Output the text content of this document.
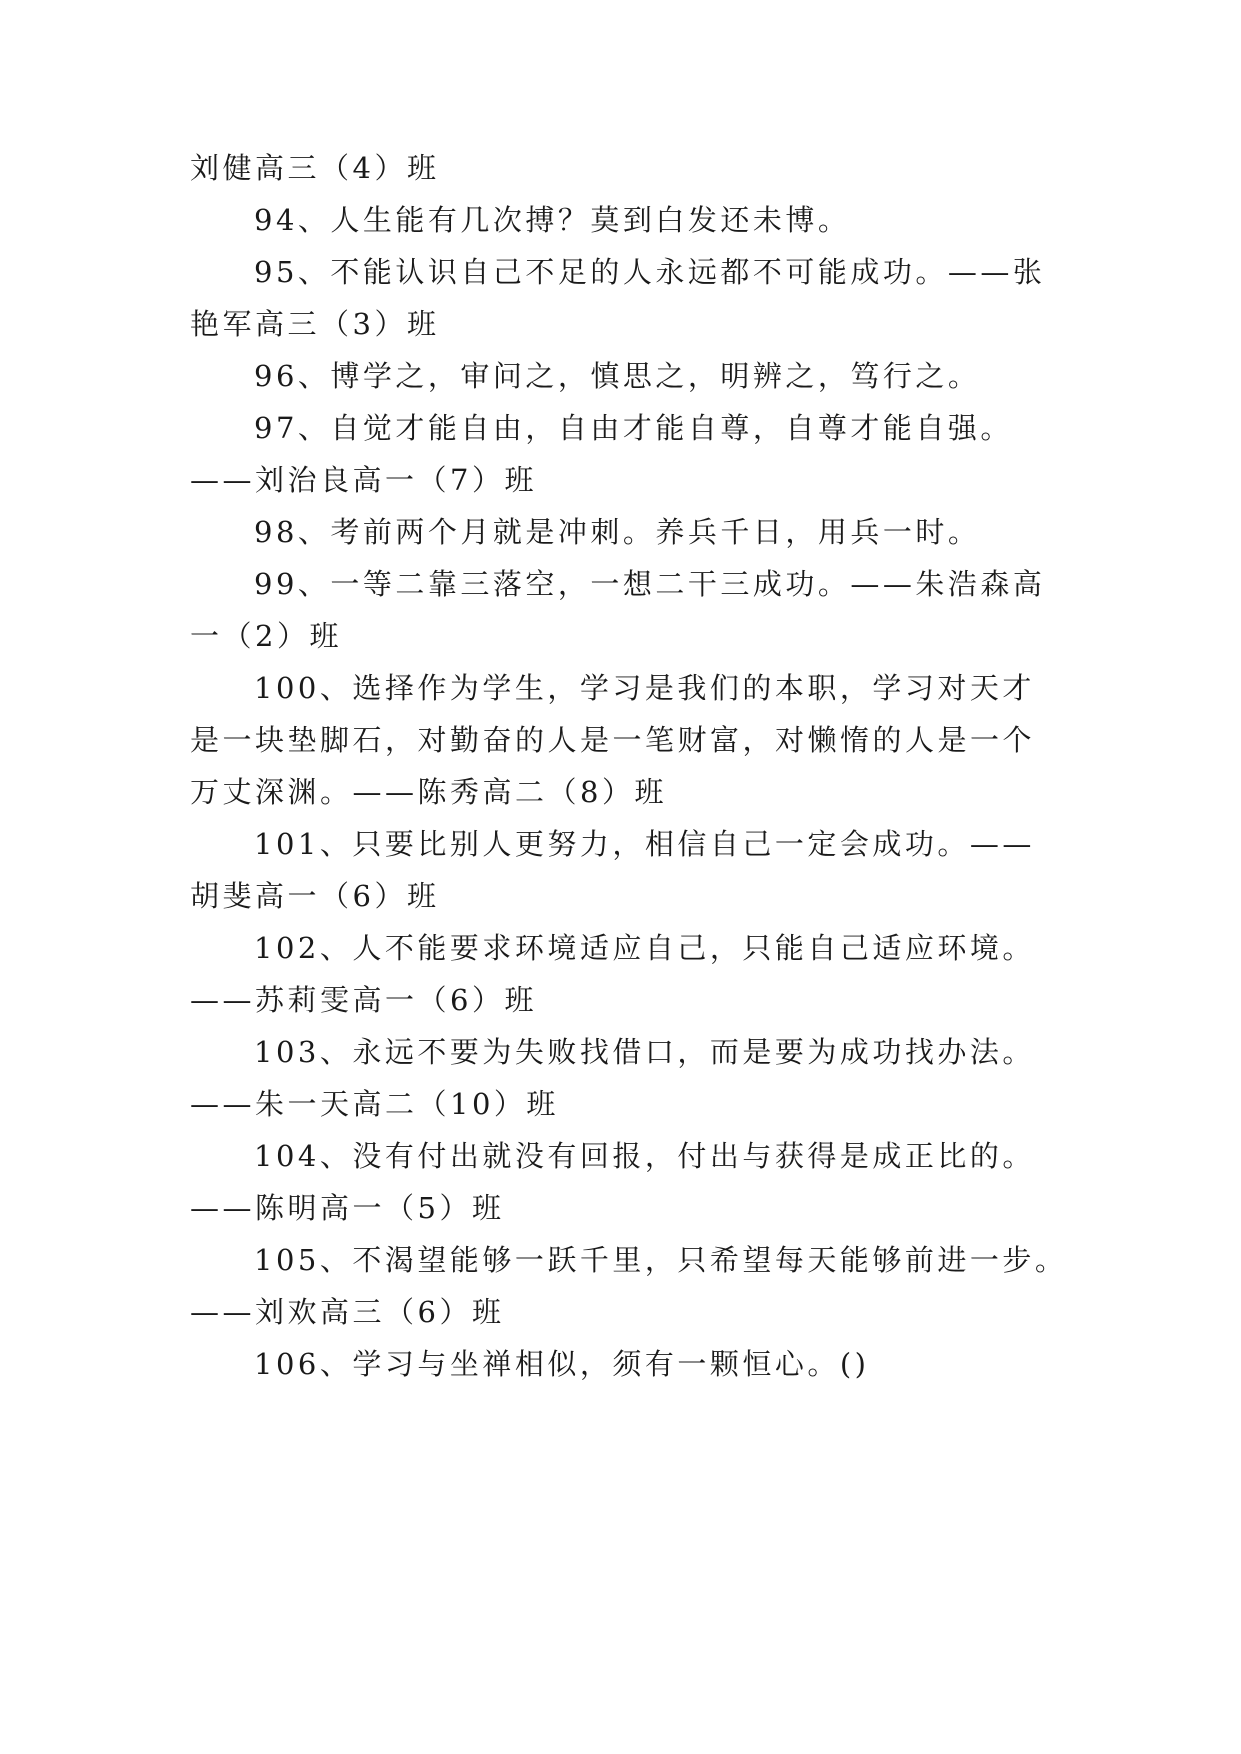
刘健高三（4）班
94、人生能有几次搏？莫到白发还未博。
95、不能认识自己不足的人永远都不可能成功。——张
艳军高三（3）班
96、博学之，审问之，慎思之，明辨之，笃行之。
97、自觉才能自由，自由才能自尊，自尊才能自强。
——刘治良高一（7）班
98、考前两个月就是冲刺。养兵千日，用兵一时。
99、一等二靠三落空，一想二干三成功。——朱浩森高
一（2）班
100、选择作为学生，学习是我们的本职，学习对天才
是一块垫脚石，对勤奋的人是一笔财富，对懒惰的人是一个
万丈深渊。——陈秀高二（8）班
101、只要比别人更努力，相信自己一定会成功。——
胡斐高一（6）班
102、人不能要求环境适应自己，只能自己适应环境。
——苏莉雯高一（6）班
103、永远不要为失败找借口，而是要为成功找办法。
——朱一天高二（10）班
104、没有付出就没有回报，付出与获得是成正比的。
——陈明高一（5）班
105、不渴望能够一跃千里，只希望每天能够前进一步。
——刘欢高三（6）班
106、学习与坐禅相似，须有一颗恒心。()
